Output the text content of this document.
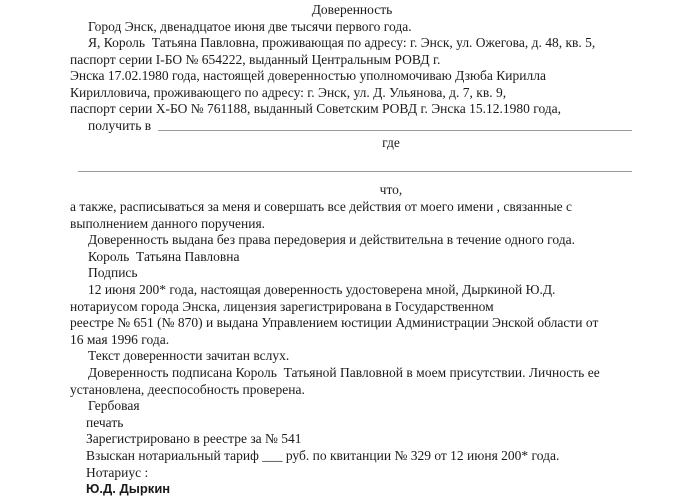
Доверенность

Город Энск, двенадцатое июня две тысячи первого года.

Я, Король  Татьяна Павловна, проживающая по адресу: г. Энск, ул. Ожегова, д. 48, кв. 5,

паспорт серии I-БО № 654222, выданный Центральным РОВД г.

Энска 17.02.1980 года, настоящей доверенностью уполномочиваю Дзюба Кирилла

Кирилловича, проживающего по адресу: г. Энск, ул. Д. Ульянова, д. 7, кв. 9,

паспорт серии Х-БО № 761188, выданный Советским РОВД г. Энска 15.12.1980 года,

получить в
где
что,

а также, расписываться за меня и совершать все действия от моего имени , связанные с

выполнением данного поручения.

Доверенность выдана без права передоверия и действительна в течение одного года.

Король  Татьяна Павловна

Подпись

12 июня 200* года, настоящая доверенность удостоверена мной, Дыркиной Ю.Д.

нотариусом города Энска, лицензия зарегистрирована в Государственном

реестре № 651 (№ 870) и выдана Управлением юстиции Администрации Энской области от

16 мая 1996 года.

Текст доверенности зачитан вслух.

Доверенность подписана Король  Татьяной Павловной в моем присутствии. Личность ее

установлена, дееспособность проверена.

Гербовая

печать

Зарегистрировано в реестре за № 541

Взыскан нотариальный тариф ___ руб. по квитанции № 329 от 12 июня 200* года.

Нотариус :

Ю.Д. Дыркин
